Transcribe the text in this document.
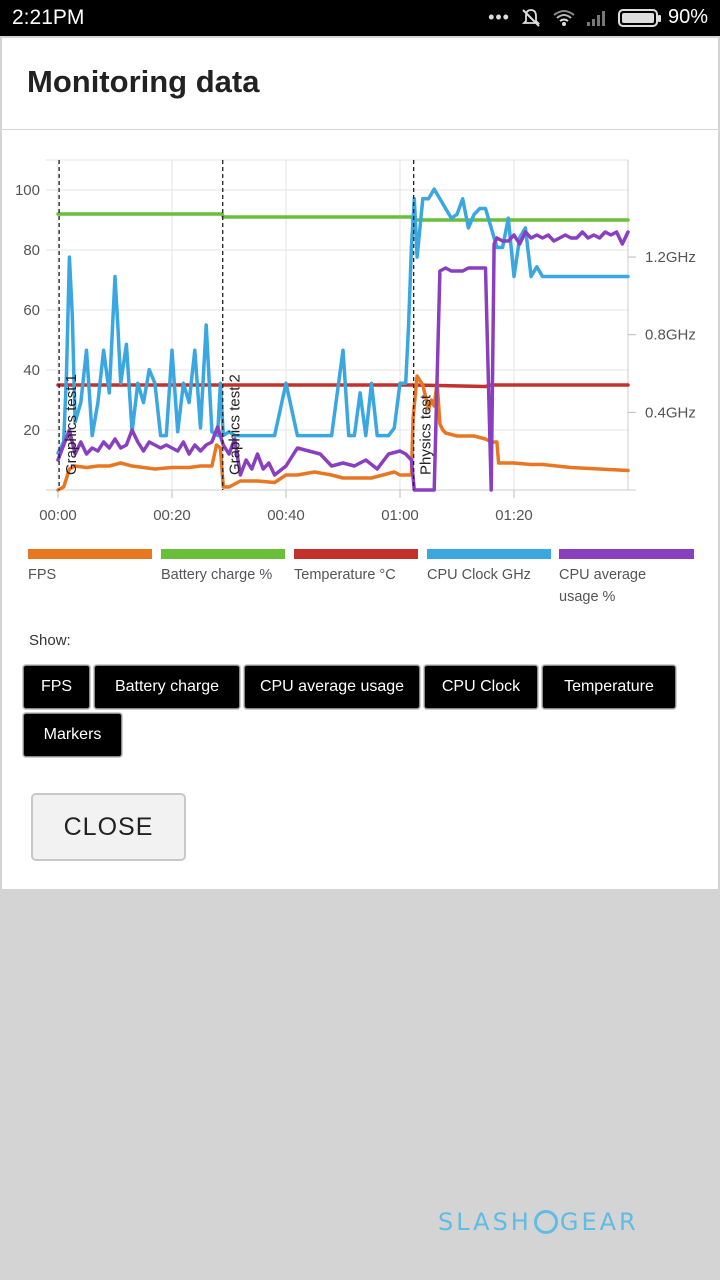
2:21PM	•••	90%
Monitoring data
20
40
60
80
100
00:00	00:20	00:40	01:00	01:20
0.4GHz
0.8GHz
1.2GHz
Graphics test 1	Graphics test 2	Physics test
FPS	Battery charge %	Temperature °C	CPU Clock GHz	CPU average usage %
Show:
FPS	Battery charge	CPU average usage	CPU Clock	Temperature
Markers
CLOSE
SLASH GEAR
